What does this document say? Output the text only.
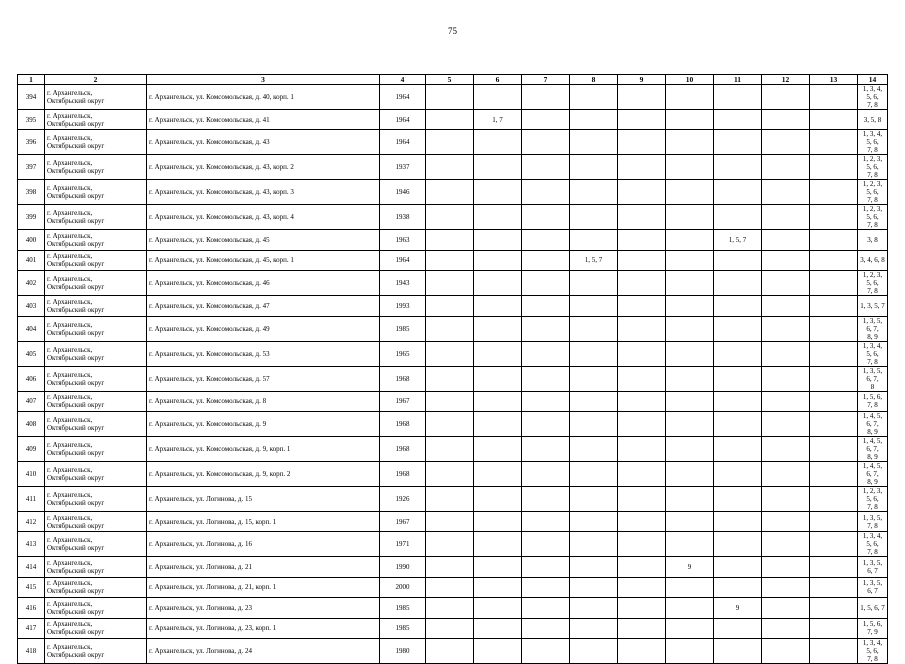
75
1	2	3	4	5	6	7	8	9	10	11	12	13	14
394	г. Архангельск,
Октябрьский округ	г. Архангельск, ул. Комсомольская, д. 40, корп. 1	1964										1, 3, 4, 5, 6,
7, 8
395	г. Архангельск,
Октябрьский округ	г. Архангельск, ул. Комсомольская, д. 41	1964		1, 7								3, 5, 8
396	г. Архангельск,
Октябрьский округ	г. Архангельск, ул. Комсомольская, д. 43	1964										1, 3, 4, 5, 6,
7, 8
397	г. Архангельск,
Октябрьский округ	г. Архангельск, ул. Комсомольская, д. 43, корп. 2	1937										1, 2, 3, 5, 6,
7, 8
398	г. Архангельск,
Октябрьский округ	г. Архангельск, ул. Комсомольская, д. 43, корп. 3	1946										1, 2, 3, 5, 6,
7, 8
399	г. Архангельск,
Октябрьский округ	г. Архангельск, ул. Комсомольская, д. 43, корп. 4	1938										1, 2, 3, 5, 6,
7, 8
400	г. Архангельск,
Октябрьский округ	г. Архангельск, ул. Комсомольская, д. 45	1963							1, 5, 7			3, 8
401	г. Архангельск,
Октябрьский округ	г. Архангельск, ул. Комсомольская, д. 45, корп. 1	1964				1, 5, 7						3, 4, 6, 8
402	г. Архангельск,
Октябрьский округ	г. Архангельск, ул. Комсомольская, д. 46	1943										1, 2, 3, 5, 6,
7, 8
403	г. Архангельск,
Октябрьский округ	г. Архангельск, ул. Комсомольская, д. 47	1993										1, 3, 5, 7
404	г. Архангельск,
Октябрьский округ	г. Архангельск, ул. Комсомольская, д. 49	1985										1, 3, 5, 6, 7,
8, 9
405	г. Архангельск,
Октябрьский округ	г. Архангельск, ул. Комсомольская, д. 53	1965										1, 3, 4, 5, 6,
7, 8
406	г. Архангельск,
Октябрьский округ	г. Архангельск, ул. Комсомольская, д. 57	1968										1, 3, 5, 6, 7,
8
407	г. Архангельск,
Октябрьский округ	г. Архангельск, ул. Комсомольская, д. 8	1967										1, 5, 6, 7, 8
408	г. Архангельск,
Октябрьский округ	г. Архангельск, ул. Комсомольская, д. 9	1968										1, 4, 5, 6, 7,
8, 9
409	г. Архангельск,
Октябрьский округ	г. Архангельск, ул. Комсомольская, д. 9, корп. 1	1968										1, 4, 5, 6, 7,
8, 9
410	г. Архангельск,
Октябрьский округ	г. Архангельск, ул. Комсомольская, д. 9, корп. 2	1968										1, 4, 5, 6, 7,
8, 9
411	г. Архангельск,
Октябрьский округ	г. Архангельск, ул. Логинова, д. 15	1926										1, 2, 3, 5, 6,
7, 8
412	г. Архангельск,
Октябрьский округ	г. Архангельск, ул. Логинова, д. 15, корп. 1	1967										1, 3, 5, 7, 8
413	г. Архангельск,
Октябрьский округ	г. Архангельск, ул. Логинова, д. 16	1971										1, 3, 4, 5, 6,
7, 8
414	г. Архангельск,
Октябрьский округ	г. Архангельск, ул. Логинова, д. 21	1990						9				1, 3, 5, 6, 7
415	г. Архангельск,
Октябрьский округ	г. Архангельск, ул. Логинова, д. 21, корп. 1	2000										1, 3, 5, 6, 7
416	г. Архангельск,
Октябрьский округ	г. Архангельск, ул. Логинова, д. 23	1985							9			1, 5, 6, 7
417	г. Архангельск,
Октябрьский округ	г. Архангельск, ул. Логинова, д. 23, корп. 1	1985										1, 5, 6, 7, 9
418	г. Архангельск,
Октябрьский округ	г. Архангельск, ул. Логинова, д. 24	1980										1, 3, 4, 5, 6,
7, 8
